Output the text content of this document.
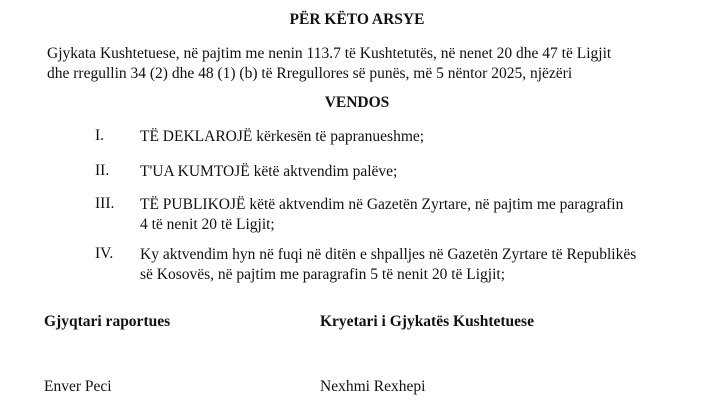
PËR KËTO ARSYE
Gjykata Kushtetuese, në pajtim me nenin 113.7 të Kushtetutës, në nenet 20 dhe 47 të Ligjit
dhe rregullin 34 (2) dhe 48 (1) (b) të Rregullores së punës, më 5 nëntor 2025, njëzëri
VENDOS
I. TË DEKLAROJË kërkesën të papranueshme;
II. T'UA KUMTOJË këtë aktvendim palëve;
III. TË PUBLIKOJË këtë aktvendim në Gazetën Zyrtare, në pajtim me paragrafin
4 të nenit 20 të Ligjit;
IV. Ky aktvendim hyn në fuqi në ditën e shpalljes në Gazetën Zyrtare të Republikës
së Kosovës, në pajtim me paragrafin 5 të nenit 20 të Ligjit;
Gjyqtari raportues	Kryetari i Gjykatës Kushtetuese
Enver Peci	Nexhmi Rexhepi
